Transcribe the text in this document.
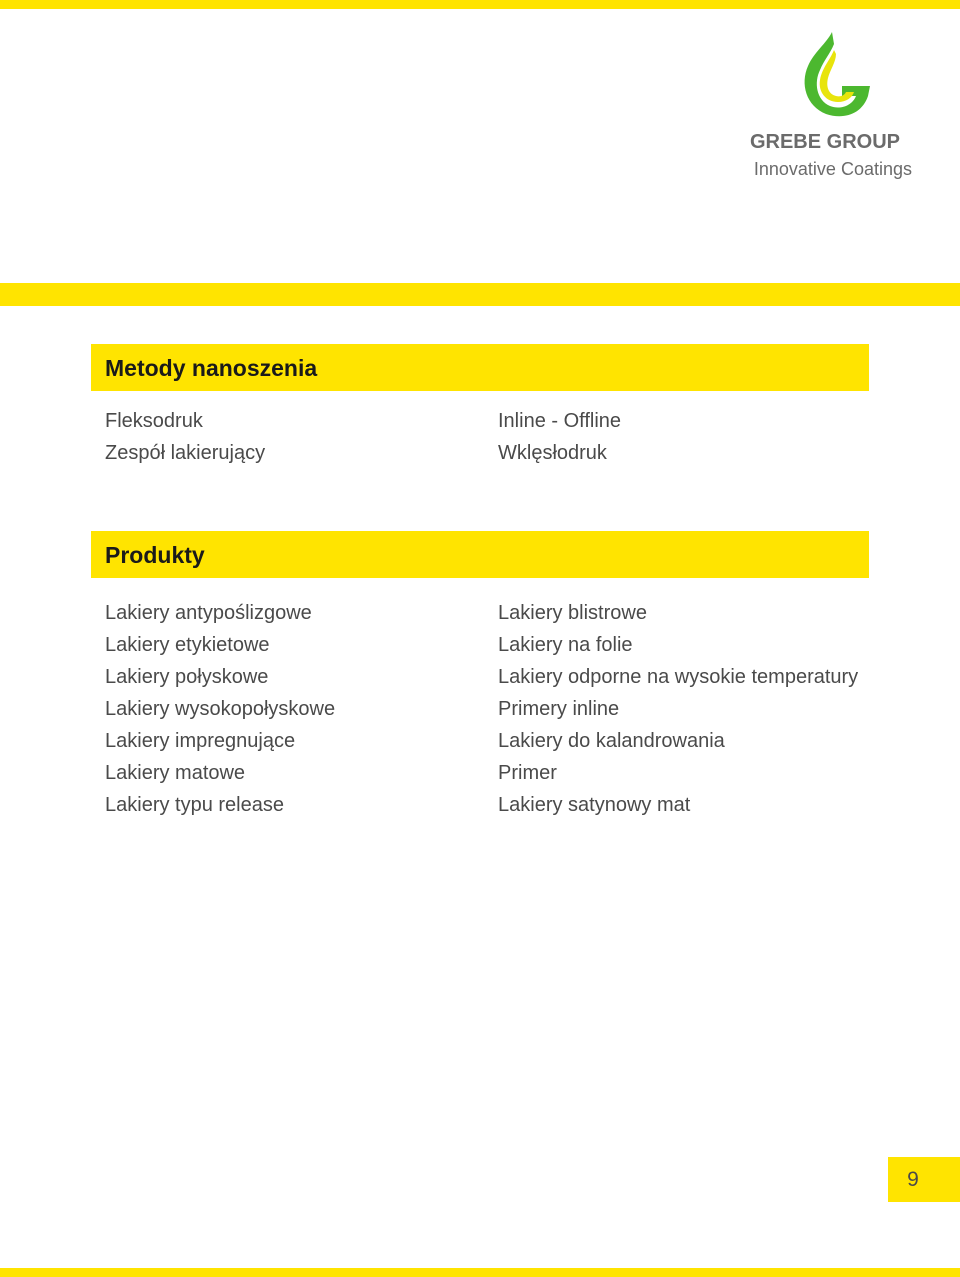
GREBE GROUP
Innovative Coatings
Metody nanoszenia
Fleksodruk
Zespół lakierujący
Inline - Offline
Wklęsłodruk
Produkty
Lakiery antypoślizgowe
Lakiery etykietowe
Lakiery połyskowe
Lakiery wysokopołyskowe
Lakiery impregnujące
Lakiery matowe
Lakiery typu release
Lakiery blistrowe
Lakiery na folie
Lakiery odporne na wysokie temperatury
Primery inline
Lakiery do kalandrowania
Primer
Lakiery satynowy mat
9
